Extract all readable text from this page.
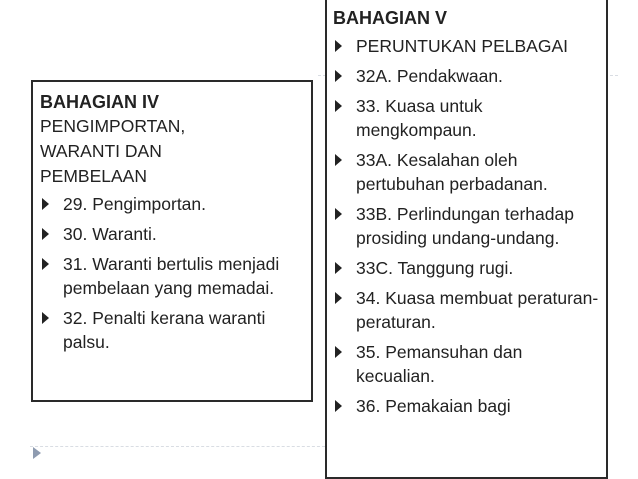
BAHAGIAN IV

PENGIMPORTAN,

WARANTI DAN

PEMBELAAN

29. Pengimportan.
30. Waranti.
31. Waranti bertulis menjadi pembelaan yang memadai.
32. Penalti kerana waranti palsu.

BAHAGIAN V

PERUNTUKAN PELBAGAI
32A. Pendakwaan.
33. Kuasa untuk mengkompaun.
33A. Kesalahan oleh pertubuhan perbadanan.
33B. Perlindungan terhadap prosiding undang-undang.
33C. Tanggung rugi.
34. Kuasa membuat peraturan-peraturan.
35. Pemansuhan dan kecualian.
36. Pemakaian bagi
